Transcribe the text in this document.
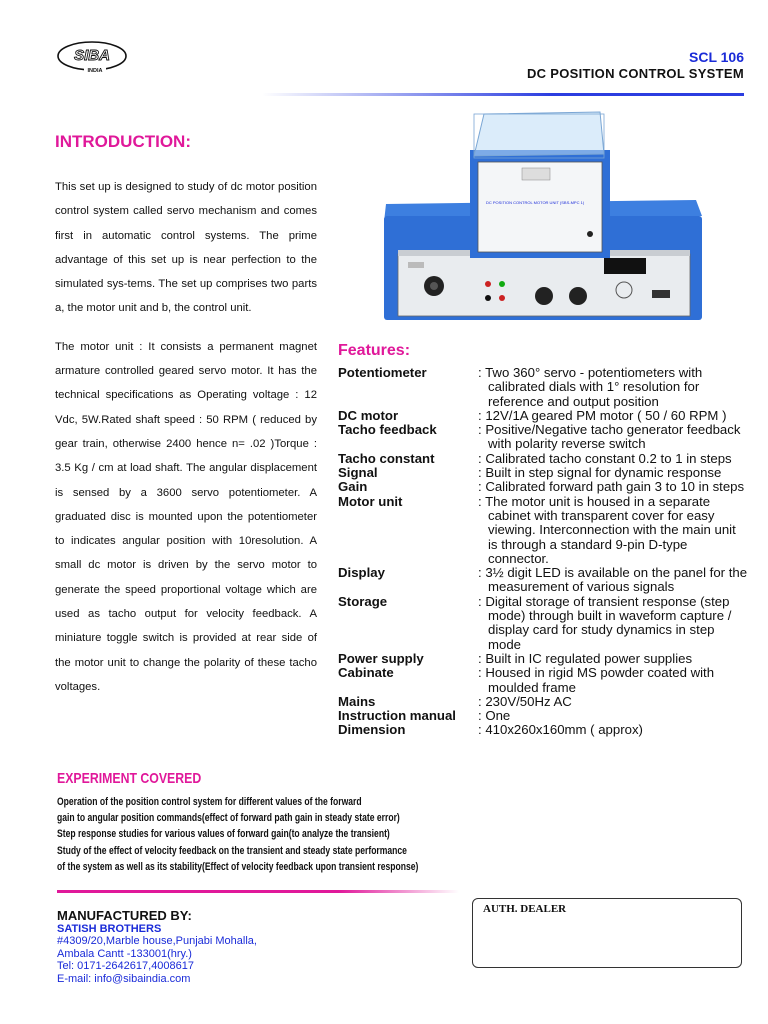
SIBA
INDIA
SCL 106
DC POSITION CONTROL SYSTEM
INTRODUCTION:

This set up is designed to study of dc motor position control system called servo mechanism and comes first in automatic control systems. The prime advantage of this set up is near perfection to the simulated sys-tems. The set up comprises two parts a, the motor unit and b, the control unit.

The motor unit : It consists a permanent magnet armature controlled geared servo motor. It has the technical specifications as Operating voltage : 12 Vdc, 5W.Rated shaft speed : 50 RPM ( reduced by gear train, otherwise 2400 hence n= .02 )Torque : 3.5 Kg / cm at load shaft. The angular displacement is sensed by a 3600 servo potentiometer. A graduated disc is mounted upon the potentiometer to indicates angular position with 10resolution. A small dc motor is driven by the servo motor to generate the speed proportional voltage which are used as tacho output for velocity feedback. A miniature toggle switch is provided at rear side of the motor unit to change the polarity of these tacho voltages.

DC POSITION CONTROL MOTOR UNIT (SBS-MPC 1)
Features:
Potentiometer	: Two 360° servo - potentiometers with calibrated dials with 1° resolution for reference and output position
DC motor	: 12V/1A geared PM motor ( 50 / 60 RPM )
Tacho feedback	: Positive/Negative tacho generator feedback with polarity reverse switch
Tacho constant	: Calibrated tacho constant 0.2 to 1 in steps
Signal	: Built in step signal for dynamic response
Gain	: Calibrated forward path gain 3 to 10 in steps
Motor unit	: The motor unit is housed in a separate cabinet with transparent cover for easy viewing. Interconnection with the main unit is through a standard 9-pin D-type connector.
Display	: 3½ digit LED is available on the panel for the measurement of various signals
Storage	: Digital storage of transient response (step mode) through built in waveform capture / display card for study dynamics in step mode
Power supply	: Built in IC regulated power supplies
Cabinate	: Housed in rigid MS powder coated with moulded frame
Mains	: 230V/50Hz AC
Instruction manual	: One
Dimension	: 410x260x160mm ( approx)
EXPERIMENT COVERED
Operation of the position control system for different values of the forward
gain to angular position commands(effect of forward path gain in steady state error)
Step response studies for various values of forward gain(to analyze the transient)
Study of the effect of velocity feedback on the transient and steady state performance
of the system as well as its stability(Effect of velocity feedback upon transient response)
MANUFACTURED BY:
SATISH BROTHERS
#4309/20,Marble house,Punjabi Mohalla,
Ambala Cantt -133001(hry.)
Tel: 0171-2642617,4008617
E-mail: info@sibaindia.com
AUTH. DEALER
